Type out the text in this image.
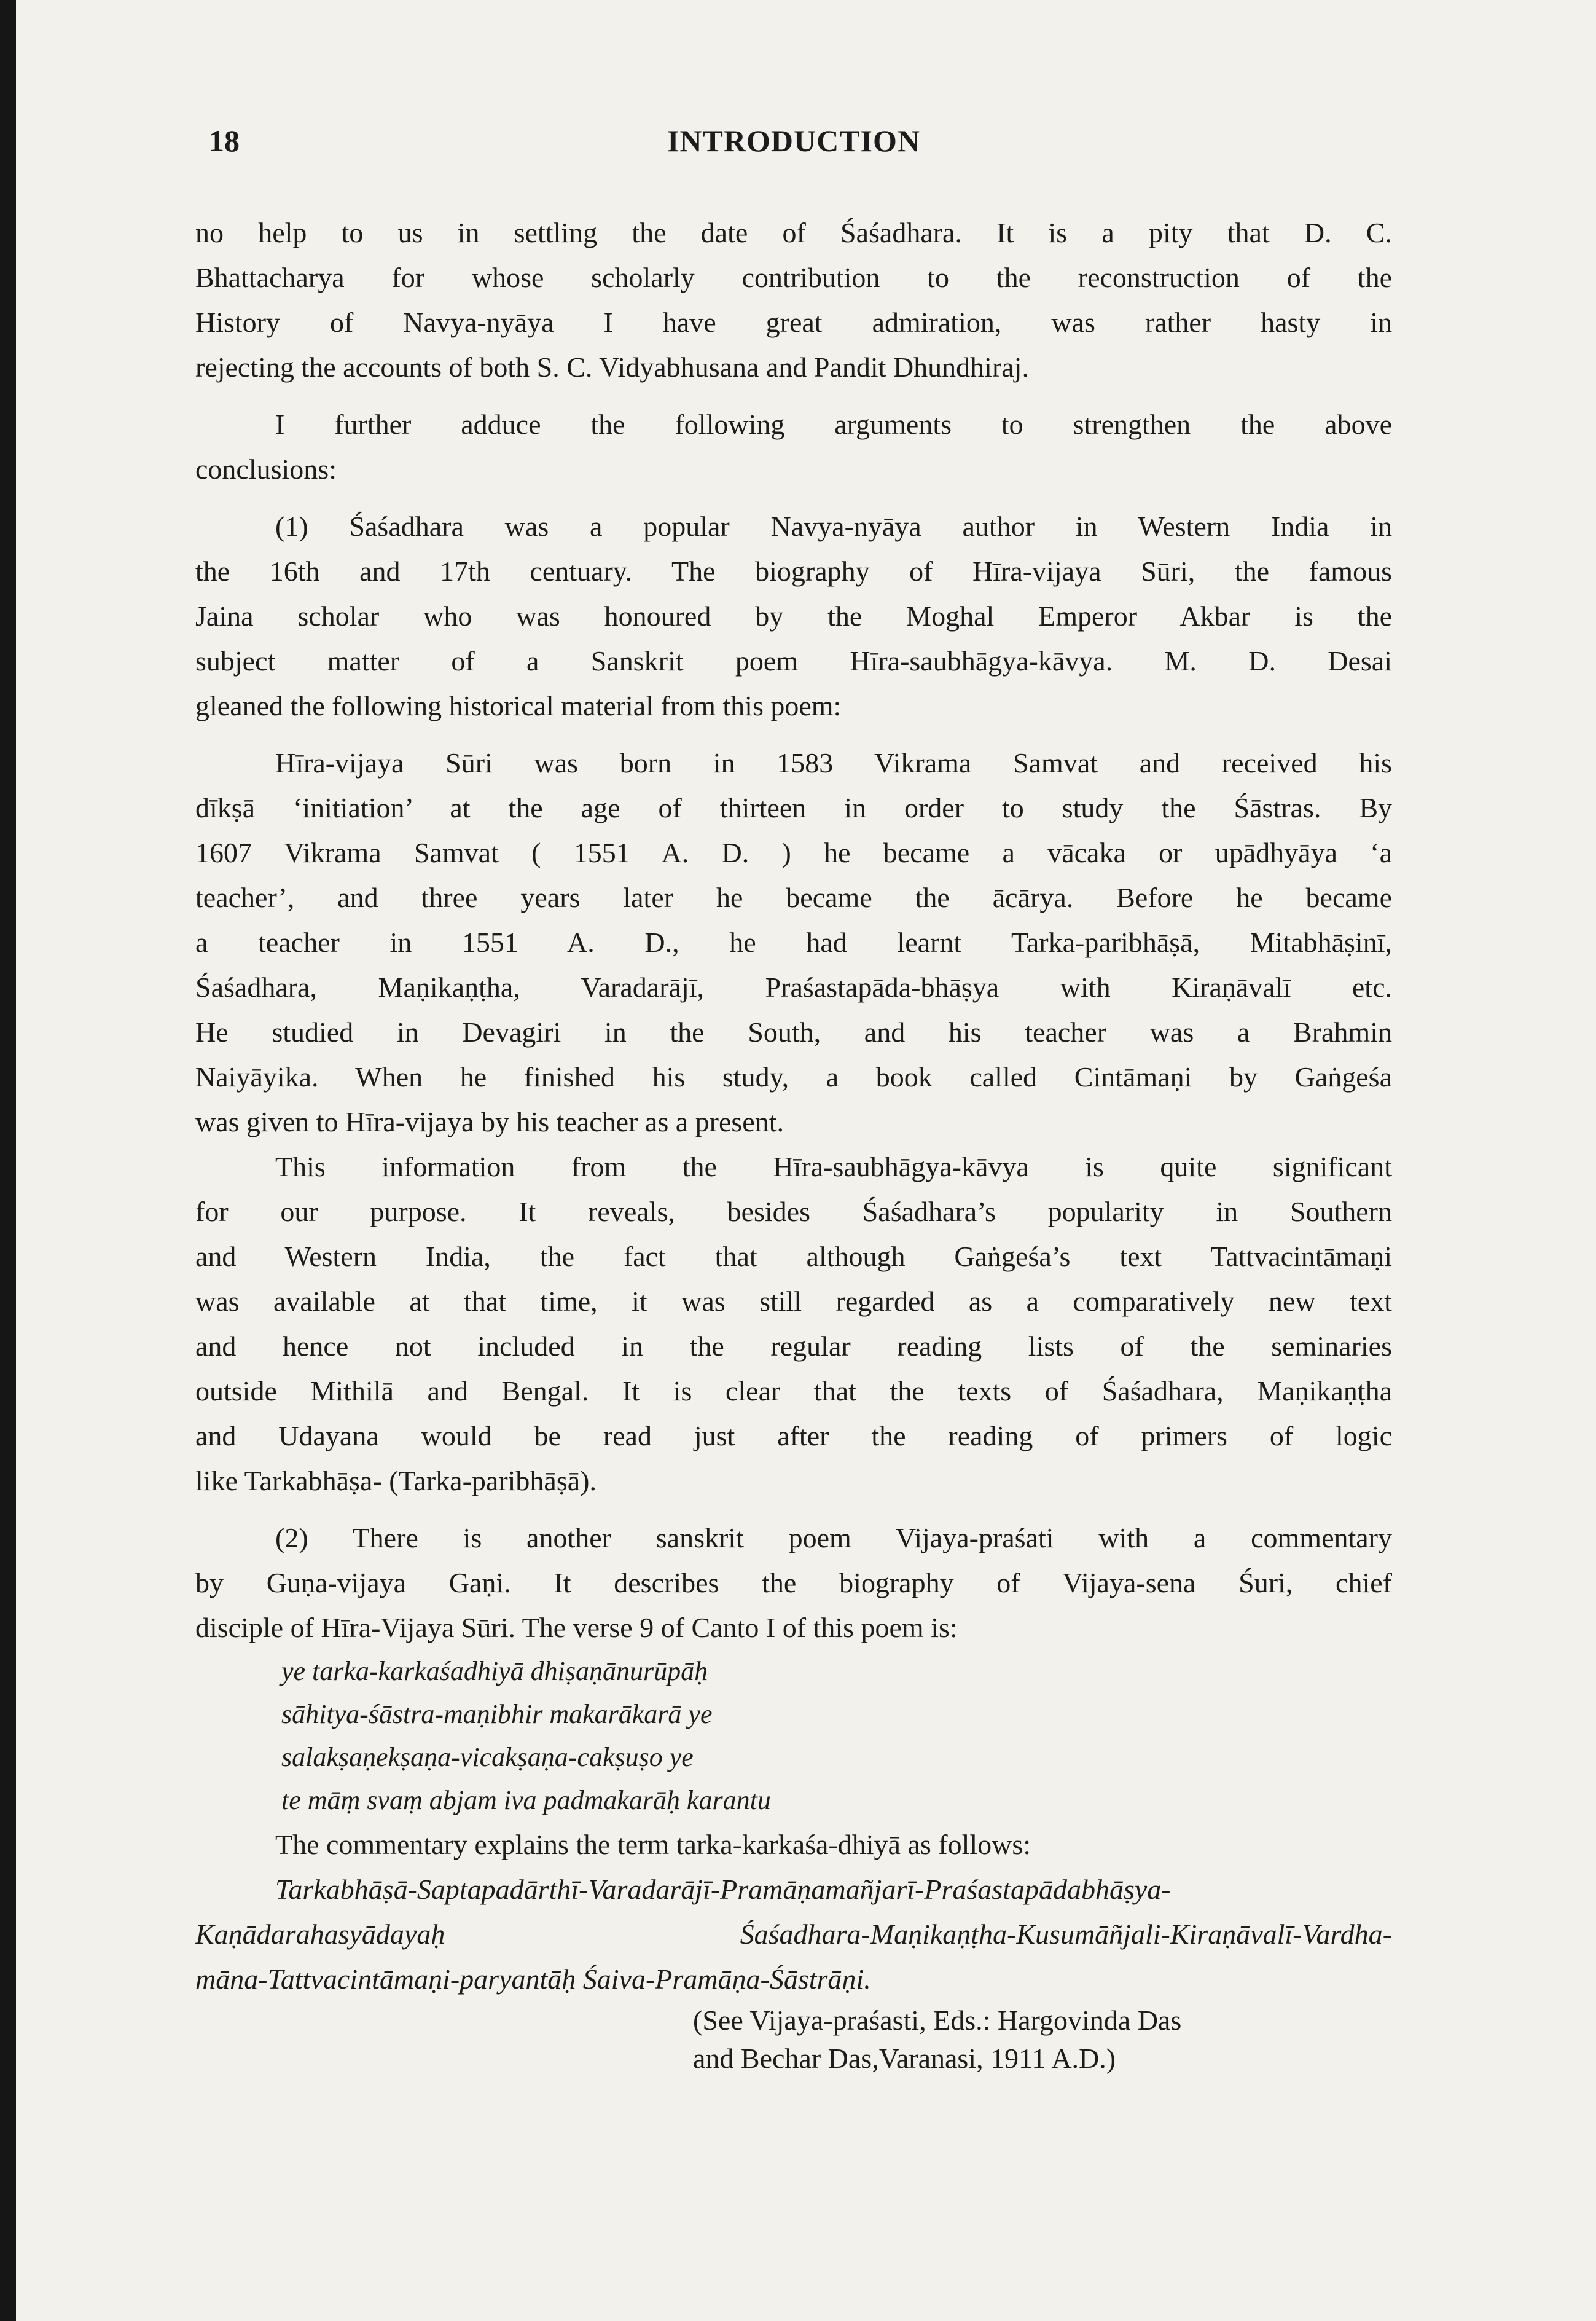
18	INTRODUCTION
no help to us in settling the date of Śaśadhara. It is a pity that D. C.
Bhattacharya for whose scholarly contribution to the reconstruction of the
History of Navya-nyāya I have great admiration, was rather hasty in
rejecting the accounts of both S. C. Vidyabhusana and Pandit Dhundhiraj.
I further adduce the following arguments to strengthen the above
conclusions:
(1) Śaśadhara was a popular Navya-nyāya author in Western India in
the 16th and 17th centuary. The biography of Hīra-vijaya Sūri, the famous
Jaina scholar who was honoured by the Moghal Emperor Akbar is the
subject matter of a Sanskrit poem Hīra-saubhāgya-kāvya. M. D. Desai
gleaned the following historical material from this poem:
Hīra-vijaya Sūri was born in 1583 Vikrama Samvat and received his
dīkṣā ‘initiation’ at the age of thirteen in order to study the Śāstras. By
1607 Vikrama Samvat ( 1551 A. D. ) he became a vācaka or upādhyāya ‘a
teacher’, and three years later he became the ācārya. Before he became
a teacher in 1551 A. D., he had learnt Tarka-paribhāṣā, Mitabhāṣinī,
Śaśadhara, Maṇikaṇṭha, Varadarājī, Praśastapāda-bhāṣya with Kiraṇāvalī etc.
He studied in Devagiri in the South, and his teacher was a Brahmin
Naiyāyika. When he finished his study, a book called Cintāmaṇi by Gaṅgeśa
was given to Hīra-vijaya by his teacher as a present.
This information from the Hīra-saubhāgya-kāvya is quite significant
for our purpose. It reveals, besides Śaśadhara’s popularity in Southern
and Western India, the fact that although Gaṅgeśa’s text Tattvacintāmaṇi
was available at that time, it was still regarded as a comparatively new text
and hence not included in the regular reading lists of the seminaries
outside Mithilā and Bengal. It is clear that the texts of Śaśadhara, Maṇikaṇṭha
and Udayana would be read just after the reading of primers of logic
like Tarkabhāṣa- (Tarka-paribhāṣā).
(2) There is another sanskrit poem Vijaya-praśati with a commentary
by Guṇa-vijaya Gaṇi. It describes the biography of Vijaya-sena Śuri, chief
disciple of Hīra-Vijaya Sūri. The verse 9 of Canto I of this poem is:
ye tarka-karkaśadhiyā dhiṣaṇānurūpāḥ
sāhitya-śāstra-maṇibhir makarākarā ye
salakṣaṇekṣaṇa-vicakṣaṇa-cakṣuṣo ye
te māṃ svaṃ abjam iva padmakarāḥ karantu
The commentary explains the term tarka-karkaśa-dhiyā as follows:
Tarkabhāṣā-Saptapadārthī-Varadarājī-Pramāṇamañjarī-Praśastapādabhāṣya-
Kaṇādarahasyādayaḥ Śaśadhara-Maṇikaṇṭha-Kusumāñjali-Kiraṇāvalī-Vardha-
māna-Tattvacintāmaṇi-paryantāḥ Śaiva-Pramāṇa-Śāstrāṇi.
(See Vijaya-praśasti, Eds.: Hargovinda Das
and Bechar Das,Varanasi, 1911 A.D.)
